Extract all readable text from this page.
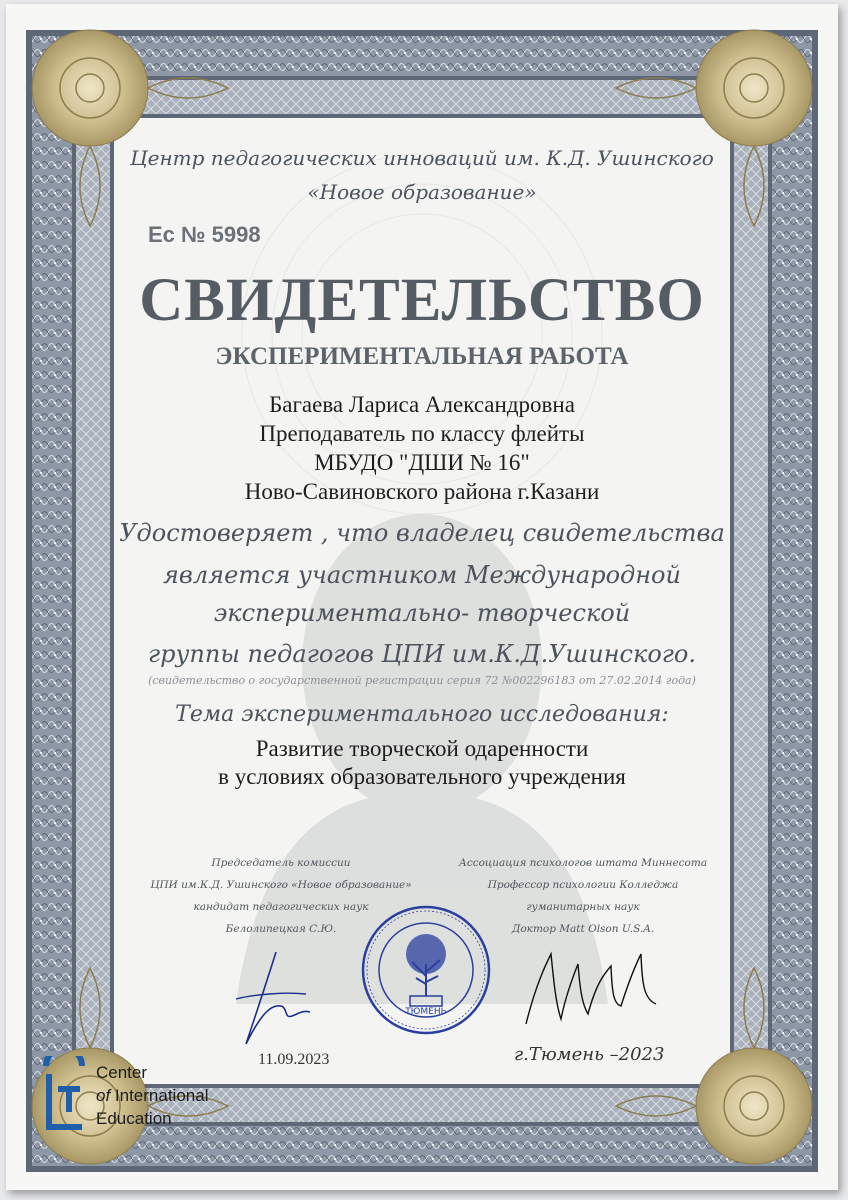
Центр педагогических инноваций им. К.Д. Ушинского
«Новое образование»
Ес № 5998
СВИДЕТЕЛЬСТВО
ЭКСПЕРИМЕНТАЛЬНАЯ РАБОТА
Багаева Лариса Александровна
Преподаватель по классу флейты
МБУДО "ДШИ № 16"
Ново-Савиновского района г.Казани
Удостоверяет , что владелец свидетельства
является участником Международной
экспериментально- творческой
группы педагогов ЦПИ им.К.Д.Ушинского.
(свидетельство о государственной регистрации серия 72 №002296183 от 27.02.2014 года)
Тема экспериментального исследования:
Развитие творческой одаренности
в условиях образовательного учреждения
Председатель комиссии
ЦПИ им.К.Д. Ушинского «Новое образование»
кандидат педагогических наук
Белолипецкая С.Ю.
Ассоциация психологов штата Миннесота
Профессор психологии Колледжа
гуманитарных наук
Доктор Matt Olson U.S.A.
ТЮМЕНЬ
11.09.2023	г.Тюмень –2023
Center
of International
Education
